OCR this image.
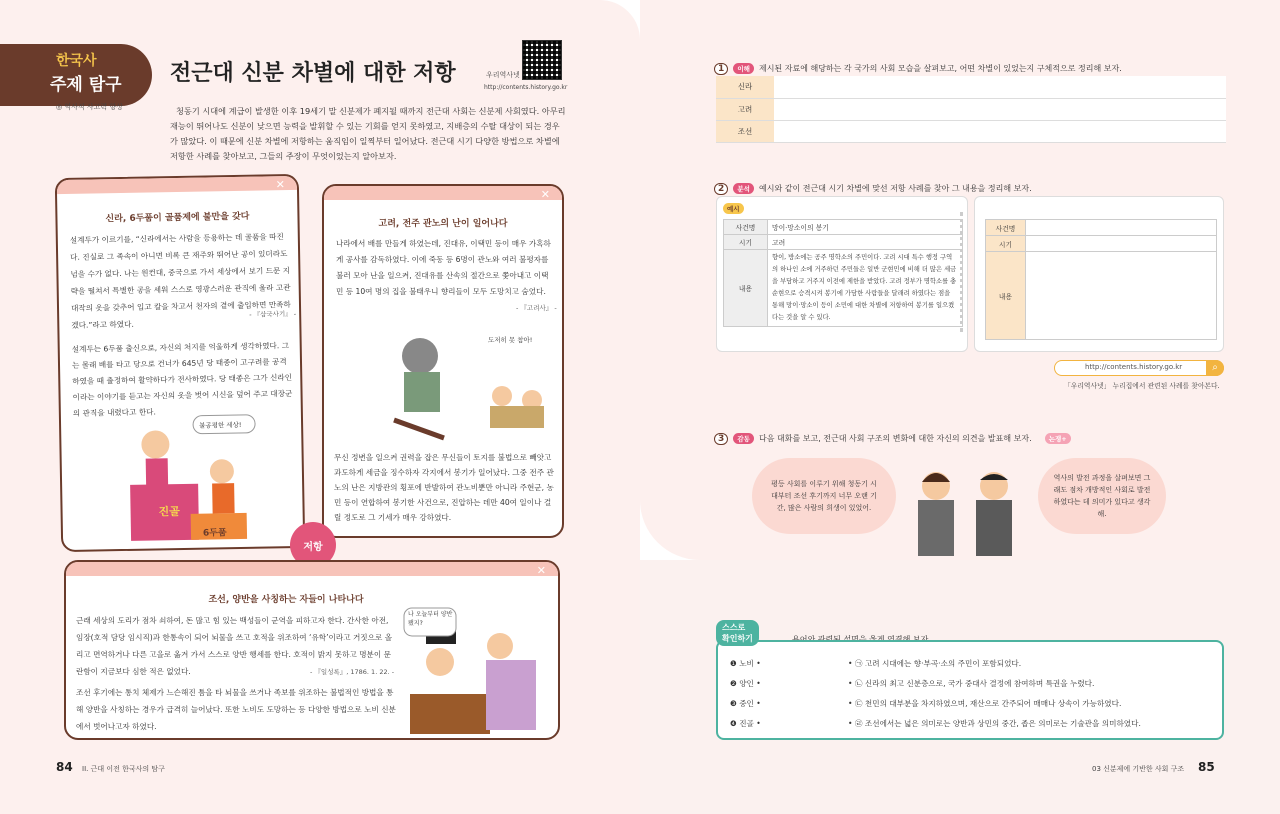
한국사
주제 탐구
◎ 역사적 사고력 향상
전근대 신분 차별에 대한 저항	우리역사넷
http://contents.history.go.kr
청동기 시대에 계급이 발생한 이후 19세기 말 신분제가 폐지될 때까지 전근대 사회는 신분제 사회였다. 아무리 재능이 뛰어나도 신분이 낮으면 능력을 발휘할 수 있는 기회를 얻지 못하였고, 지배층의 수탈 대상이 되는 경우가 많았다. 이 때문에 신분 차별에 저항하는 움직임이 일찍부터 일어났다. 전근대 시기 다양한 방법으로 차별에 저항한 사례를 찾아보고, 그들의 주장이 무엇이었는지 알아보자.
✕
신라, 6두품이 골품제에 불만을 갖다
설계두가 이르기를, “신라에서는 사람을 등용하는 데 골품을 따진다. 진실로 그 족속이 아니면 비록 큰 재주와 뛰어난 공이 있더라도 넘을 수가 없다. 나는 원컨대, 중국으로 가서 세상에서 보기 드문 지략을 떨쳐서 특별한 공을 세워 스스로 영광스러운 관직에 올라 고관대작의 옷을 갖추어 입고 칼을 차고서 천자의 곁에 출입하면 만족하겠다.”라고 하였다.
- 『삼국사기』 -
설계두는 6두품 출신으로, 자신의 처지를 억울하게 생각하였다. 그는 몰래 배를 타고 당으로 건너가 645년 당 태종이 고구려를 공격하였을 때 출정하여 활약하다가 전사하였다. 당 태종은 그가 신라인이라는 이야기를 듣고는 자신의 옷을 벗어 시신을 덮어 주고 대장군의 관직을 내렸다고 한다.
불공평한 세상!
진골
6두품
✕
고려, 전주 관노의 난이 일어나다
나라에서 배를 만들게 하였는데, 진대유, 이택민 등이 매우 가혹하게 공사를 감독하였다. 이에 죽동 등 6명이 관노와 여러 불평자를 불러 모아 난을 일으켜, 진대유를 산속의 절간으로 쫓아내고 이택민 등 10여 명의 집을 불태우니 향리들이 모두 도망치고 숨었다.
- 『고려사』 -
도저히 못 참아!
무신 정변을 일으켜 권력을 잡은 무신들이 토지를 불법으로 빼앗고 과도하게 세금을 징수하자 각지에서 봉기가 일어났다. 그중 전주 관노의 난은 지방관의 횡포에 반발하여 관노비뿐만 아니라 주현군, 농민 등이 연합하여 봉기한 사건으로, 진압하는 데만 40여 일이나 걸릴 정도로 그 기세가 매우 강하였다.
저항
✕
조선, 양반을 사칭하는 자들이 나타나다
근래 세상의 도리가 점차 쇠하여, 돈 많고 힘 있는 백성들이 군역을 피하고자 한다. 간사한 아전, 임장(호적 담당 임시직)과 한통속이 되어 뇌물을 쓰고 호적을 위조하여 ‘유학’이라고 거짓으로 올리고 면역하거나 다른 고을로 옮겨 가서 스스로 양반 행세를 한다. 호적이 밝지 못하고 명분이 문란함이 지금보다 심한 적은 없었다.	- 『일성록』, 1786. 1. 22. -
조선 후기에는 통치 체제가 느슨해진 틈을 타 뇌물을 쓰거나 족보를 위조하는 불법적인 방법을 통해 양반을 사칭하는 경우가 급격히 늘어났다. 또한 노비도 도망하는 등 다양한 방법으로 노비 신분에서 벗어나고자 하였다.
나 오늘부터 양반 됐지?
84 II. 근대 이전 한국사의 탐구
1 이해 제시된 자료에 해당하는 각 국가의 사회 모습을 살펴보고, 어떤 차별이 있었는지 구체적으로 정리해 보자.
신라	
고려	
조선	
2 분석 예시와 같이 전근대 시기 차별에 맞선 저항 사례를 찾아 그 내용을 정리해 보자.
예시
사건명	망이·망소이의 봉기
시기	고려
내용	향이, 방소에는 공주 명학소의 주민이다. 고려 시대 특수 행정 구역의 하나인 소에 거주하던 주민들은 일반 군현민에 비해 더 많은 세금을 부담하고 거주지 이전에 제한을 받았다. 고려 정부가 명학소를 충순현으로 승격시켜 봉기에 가담한 사람들을 달래려 하였다는 점을 통해 망이·망소이 등이 소민에 대한 차별에 저항하여 봉기를 일으켰다는 것을 알 수 있다.
사건명	
시기	
내용	
http://contents.history.go.kr	⌕
「우리역사넷」 누리집에서 관련된 사례를 찾아본다.
3 감동 다음 대화를 보고, 전근대 사회 구조의 변화에 대한 자신의 의견을 발표해 보자.	논쟁+
평등 사회를 이루기 위해 청동기 시대부터 조선 후기까지 너무 오랜 기간, 많은 사람의 희생이 있었어.
역사의 발전 과정을 살펴보면 그래도 점차 개방적인 사회로 발전하였다는 데 의미가 있다고 생각해.
스스로
확인하기
❶ 노비 •
❷ 양인 •
❸ 중인 •
❹ 진골 •
• ㉠ 고려 시대에는 향·부곡·소의 주민이 포함되었다.
• ㉡ 신라의 최고 신분층으로, 국가 중대사 결정에 참여하며 특권을 누렸다.
• ㉢ 천민의 대부분을 차지하였으며, 재산으로 간주되어 매매나 상속이 가능하였다.
• ㉣ 조선에서는 넓은 의미로는 양반과 상민의 중간, 좁은 의미로는 기술관을 의미하였다.
03 신분제에 기반한 사회 구조 85
